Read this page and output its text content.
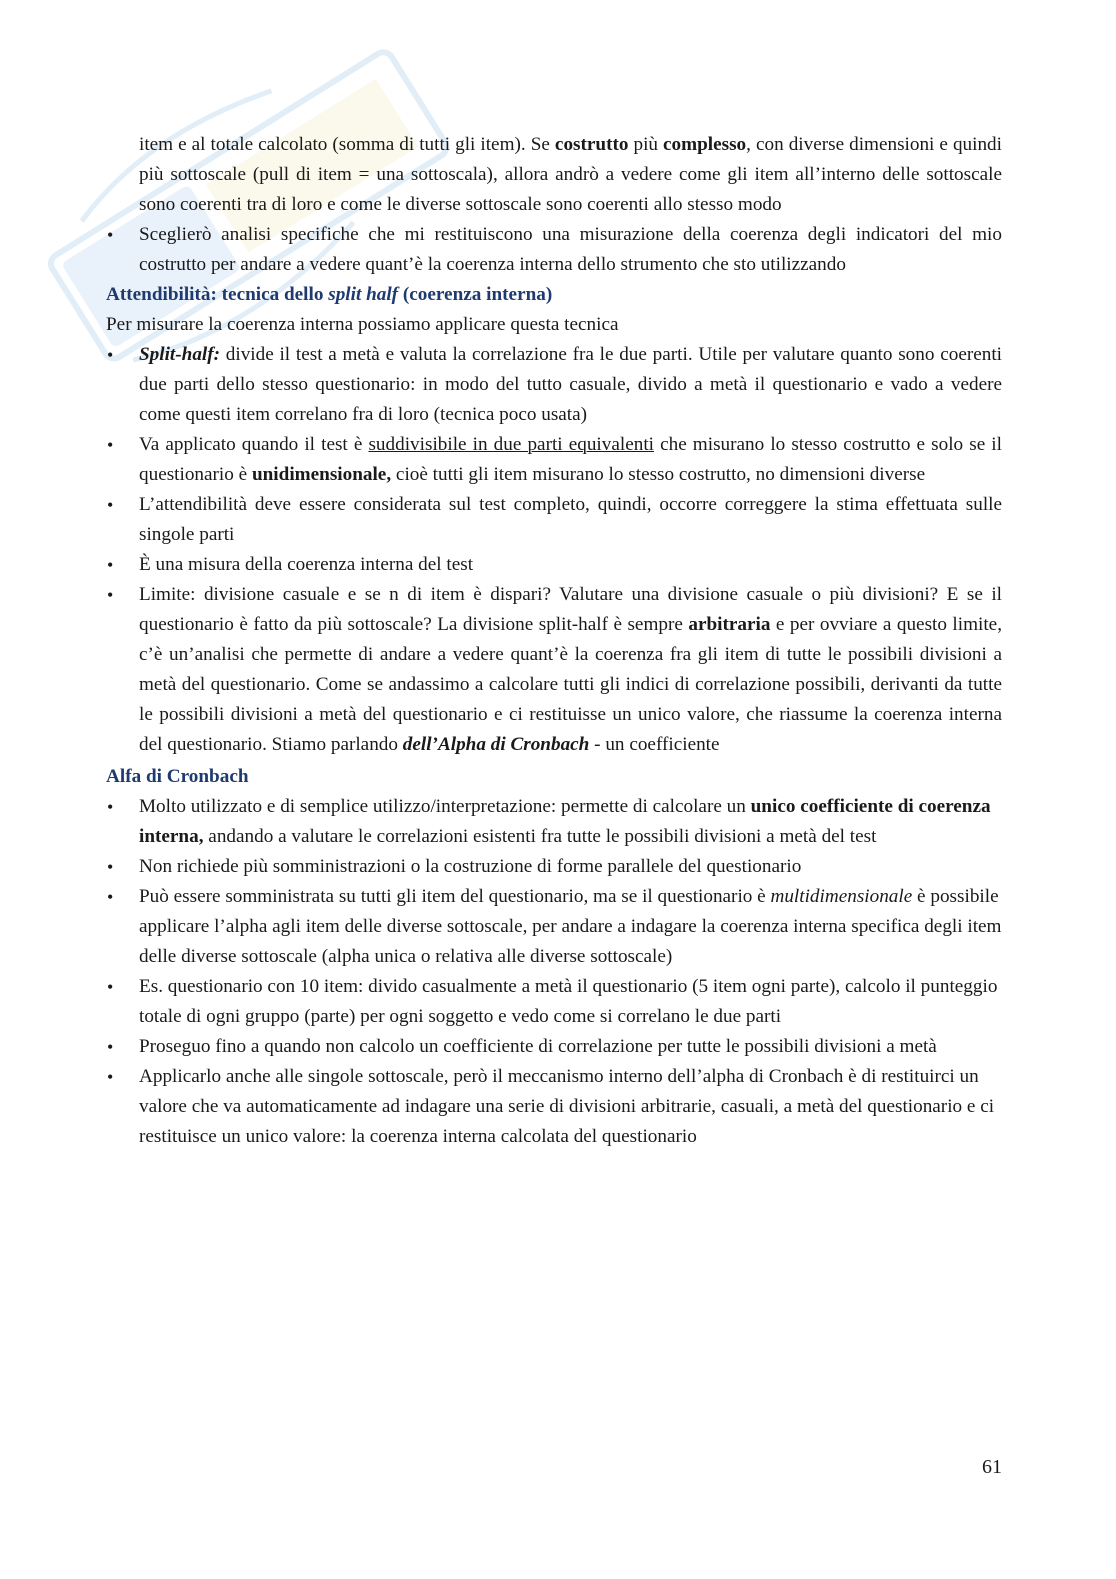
item e al totale calcolato (somma di tutti gli item). Se costrutto più complesso, con diverse dimensioni e quindi più sottoscale (pull di item = una sottoscala), allora andrò a vedere come gli item all’interno delle sottoscale sono coerenti tra di loro e come le diverse sottoscale sono coerenti allo stesso modo

• Sceglierò analisi specifiche che mi restituiscono una misurazione della coerenza degli indicatori del mio costrutto per andare a vedere quant’è la coerenza interna dello strumento che sto utilizzando

Attendibilità: tecnica dello split half (coerenza interna)

Per misurare la coerenza interna possiamo applicare questa tecnica

• Split-half: divide il test a metà e valuta la correlazione fra le due parti. Utile per valutare quanto sono coerenti due parti dello stesso questionario: in modo del tutto casuale, divido a metà il questionario e vado a vedere come questi item correlano fra di loro (tecnica poco usata)
• Va applicato quando il test è suddivisibile in due parti equivalenti che misurano lo stesso costrutto e solo se il questionario è unidimensionale, cioè tutti gli item misurano lo stesso costrutto, no dimensioni diverse
• L’attendibilità deve essere considerata sul test completo, quindi, occorre correggere la stima effettuata sulle singole parti
• È una misura della coerenza interna del test
• Limite: divisione casuale e se n di item è dispari? Valutare una divisione casuale o più divisioni? E se il questionario è fatto da più sottoscale? La divisione split-half è sempre arbitraria e per ovviare a questo limite, c’è un’analisi che permette di andare a vedere quant’è la coerenza fra gli item di tutte le possibili divisioni a metà del questionario. Come se andassimo a calcolare tutti gli indici di correlazione possibili, derivanti da tutte le possibili divisioni a metà del questionario e ci restituisse un unico valore, che riassume la coerenza interna del questionario. Stiamo parlando dell’Alpha di Cronbach - un coefficiente

Alfa di Cronbach

• Molto utilizzato e di semplice utilizzo/interpretazione: permette di calcolare un unico coefficiente di coerenza interna, andando a valutare le correlazioni esistenti fra tutte le possibili divisioni a metà del test
• Non richiede più somministrazioni o la costruzione di forme parallele del questionario
• Può essere somministrata su tutti gli item del questionario, ma se il questionario è multidimensionale è possibile applicare l’alpha agli item delle diverse sottoscale, per andare a indagare la coerenza interna specifica degli item delle diverse sottoscale (alpha unica o relativa alle diverse sottoscale)
• Es. questionario con 10 item: divido casualmente a metà il questionario (5 item ogni parte), calcolo il punteggio totale di ogni gruppo (parte) per ogni soggetto e vedo come si correlano le due parti
• Proseguo fino a quando non calcolo un coefficiente di correlazione per tutte le possibili divisioni a metà
• Applicarlo anche alle singole sottoscale, però il meccanismo interno dell’alpha di Cronbach è di restituirci un valore che va automaticamente ad indagare una serie di divisioni arbitrarie, casuali, a metà del questionario e ci restituisce un unico valore: la coerenza interna calcolata del questionario
61
